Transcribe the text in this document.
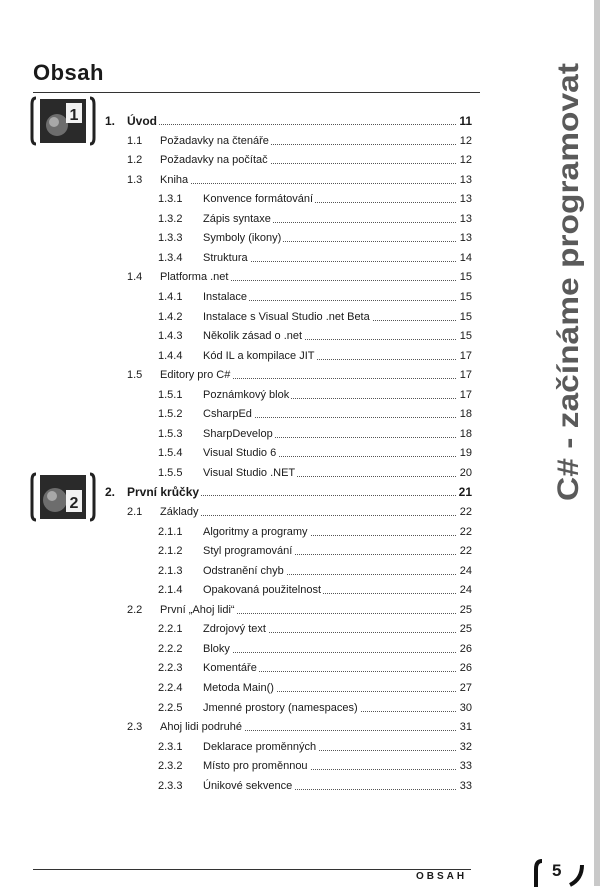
Obsah
1
2
1. Úvod	11
1.1 Požadavky na čtenáře	12
1.2 Požadavky na počítač	12
1.3 Kniha	13
1.3.1 Konvence formátování	13
1.3.2 Zápis syntaxe	13
1.3.3 Symboly (ikony)	13
1.3.4 Struktura	14
1.4 Platforma .net	15
1.4.1 Instalace	15
1.4.2 Instalace s Visual Studio .net Beta	15
1.4.3 Několik zásad o .net	15
1.4.4 Kód IL a kompilace JIT	17
1.5 Editory pro C#	17
1.5.1 Poznámkový blok	17
1.5.2 CsharpEd	18
1.5.3 SharpDevelop	18
1.5.4 Visual Studio 6	19
1.5.5 Visual Studio .NET	20
2. První krůčky	21
2.1 Základy	22
2.1.1 Algoritmy a programy	22
2.1.2 Styl programování	22
2.1.3 Odstranění chyb	24
2.1.4 Opakovaná použitelnost	24
2.2 První „Ahoj lidi“	25
2.2.1 Zdrojový text	25
2.2.2 Bloky	26
2.2.3 Komentáře	26
2.2.4 Metoda Main()	27
2.2.5 Jmenné prostory (namespaces)	30
2.3 Ahoj lidi podruhé	31
2.3.1 Deklarace proměnných	32
2.3.2 Místo pro proměnnou	33
2.3.3 Únikové sekvence	33
C# - začínáme programovat
OBSAH	5
